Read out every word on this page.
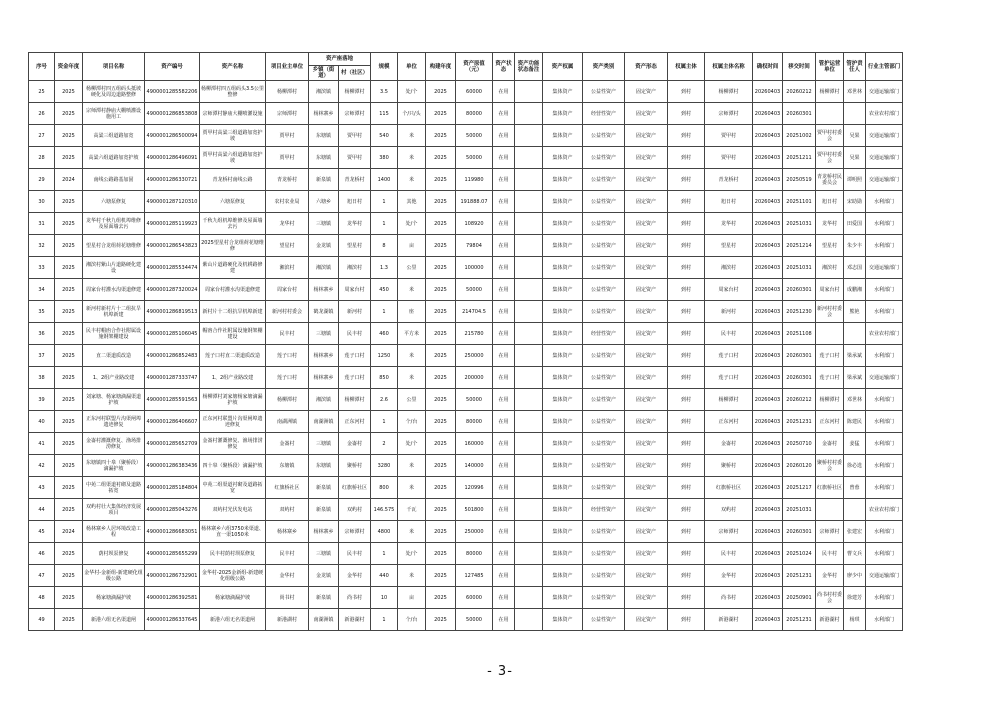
序号	资金年度	项目名称	资产编号	资产名称	项目业主单位	资产座落地		规模	单位	构建年度	资产原值（元）	资产状态	资产功能状态备注	资产权属	资产类别	资产形态	权属主体	权属主体名称	确权时间	移交时间	管护运营单位	管护责任人	行业主管部门
						乡镇（街道）	村（社区）																
25	2025	杨柳潭村四五组码头抵坡硬化及周边道路整修	4900001285582206	杨柳潭村四五组码头3.5公里整修	杨柳潭村	湘滨镇	杨柳潭村	3.5	处/个	2025	60000	在用		集体资产	公益性资产	固定资产	到村	杨柳潭村	20260403	20260212	杨柳潭村	邓世林	交通运输部门
26	2025	宗师潭村静庙大棚喷灌设施用工	4900001286853808	宗师潭村静庙大棚喷灌设施	宗师潭村	杨林寨乡	宗师潭村	115	个/只/头	2025	80000	在用		集体资产	经营性资产	固定资产	到村	宗师潭村	20260403	20260301			农业农村部门
27	2025	高粱三组道路加宽	4900001286500094	贾甲村高粱三组道路加宽护坡	贾甲村	东塘镇	贾甲村	540	米	2025	50000	在用		集体资产	公益性资产	固定资产	到村	贾甲村	20260403	20251002	贾甲村村委会	吴果	交通运输部门
28	2025	高粱六组道路加宽护坡	4900001286496091	贾甲村高粱六组道路加宽护坡	贾甲村	东塘镇	贾甲村	380	米	2025	50000	在用		集体资产	公益性资产	固定资产	到村	贾甲村	20260403	20251211	贾甲村村委会	吴果	交通运输部门
29	2024	南线公路路基加固	4900001286330721	青龙桥村南线公路	青龙桥村	新泉镇	青龙桥村	1400	米	2025	119980	在用		集体资产	公益性资产	固定资产	到村	青龙桥村	20260403	20250519	青龙桥村民委员会	谭明照	交通运输部门
30	2025	六塘泵修复	4900001287120310	六塘泵修复	农村农业局	六塘乡	旭日村	1	其他	2025	191888.07	在用		集体资产	公益性资产	固定资产	到村	旭日村	20260403	20251101	旭日村	宋助勋	水利部门
31	2025	龙华村千秋九组机埠维修及屋面墙去污	4900001285119923	千秋九组机埠维修及屋面墙去污	龙华村	三塘镇	龙华村	1	处/个	2025	108920	在用		集体资产	公益性资产	固定资产	到村	龙华村	20260403	20251031	龙华村	田爱国	水利部门
32	2025	望星村合龙组荷花塘维修	4900001286543823	2025望星村合龙组荷花塘维修	望星村	金龙镇	望星村	8	亩	2025	79804	在用		集体资产	公益性资产	固定资产	到村	望星村	20260403	20251214	望星村	朱少丰	水利部门
33	2025	湘滨村紫山片道路硬化建设	4900001285534474	紫山片道路硬化及机耕路修建	湘滨村	湘滨镇	湘滨村	1.3	公里	2025	100000	在用		集体资产	公益性资产	固定资产	到村	湘滨村	20260403	20251031	湘滨村	邓志国	交通运输部门
34	2025	周家台村灌水沟渠道修建	4900001287320024	周家台村灌水沟渠道修建	周家台村	杨林寨乡	周家台村	450	米	2025	50000	在用		集体资产	公益性资产	固定资产	到村	周家台村	20260403	20260301	周家台村	成鹏湘	水利部门
35	2025	新河村新村片十二组抗旱机埠新建	4900001286819513	新村片十二组抗旱机埠新建	新河村村委会	鹤龙湖镇	新河村	1	座	2025	214704.5	在用		集体资产	公益性资产	固定资产	到村	新河村	20260403	20251230	新河村村委会	熊艳	水利部门
36	2025	民丰村帽凼合作社附属设施钢架棚建设	4900001285106045	帽凼合作社附属设施钢架棚建设	民丰村	三塘镇	民丰村	460	平方米	2025	215780	在用		集体资产	经营性资产	固定资产	到村	民丰村	20260403	20251108			农业农村部门
37	2025	直二渠道质改造	4900001286852483	莲子口村直二渠道质改造	莲子口村	杨林寨乡	莲子口村	1250	米	2025	250000	在用		集体资产	公益性资产	固定资产	到村	莲子口村	20260403	20260301	莲子口村	梁承斌	水利部门
38	2025	1、2组产业路改建	4900001287333747	1、2组产业路改建	莲子口村	杨林寨乡	莲子口村	850	米	2025	200000	在用		集体资产	公益性资产	固定资产	到村	莲子口村	20260403	20260301	莲子口村	梁承斌	交通运输部门
39	2025	刘家塘、杨家塘滴漏渠道护坡	4900001285591563	杨柳潭村刘家塘杨家塘滴漏护坡	杨柳潭村	湘滨镇	杨柳潭村	2.6	公里	2025	50000	在用		集体资产	公益性资产	固定资产	到村	杨柳潭村	20260403	20260212	杨柳潭村	邓世林	水利部门
40	2025	正东河村联盟片沟渠闸埠遗迹修复	4900001286406607	正东河村联盟片沟渠闸埠遗迹修复	南湖洲镇	南湖洲镇	正东河村	1	个/台	2025	80000	在用		集体资产	公益性资产	固定资产	到村	正东河村	20260403	20251231	正东河村	陈建民	水利部门
41	2025	金崙村灌溉修复、渔场排涝修复	4900001285652709	金崙村灌溉修复、渔场排涝修复	金崙村	三塘镇	金崙村	2	处/个	2025	160000	在用		集体资产	公益性资产	固定资产	到村	金崙村	20260403	20250710	金崙村	姜猛	水利部门
42	2025	东塘镇四十皋（聚桥段）滴漏护坡	4900001286383436	四十皋（聚桥段）滴漏护坡	东塘镇	东塘镇	聚桥村	3280	米	2025	140000	在用		集体资产	公益性资产	固定资产	到村	聚桥村	20260403	20260120	聚桥村村委会	徐必选	水利部门
43	2025	中苑二组渠道衬砌及道路拓宽	4900001285184804	中苑二组渠道衬砌及道路拓宽	红旗桥社区	新泉镇	红旗桥社区	800	米	2025	120996	在用		集体资产	公益性资产	固定资产	到村	红旗桥社区	20260403	20251217	红旗桥社区	曾蓉	水利部门
44	2025	双屿村壮大集体经济发展项目	4900001285043276	双屿村光伏发电站	双屿村	新泉镇	双屿村	146.575	千瓦	2025	501800	在用		集体资产	经营性资产	固定资产	到村	双屿村	20260403	20251031			农业农村部门
45	2024	杨林寨乡人居环境改造工程	4900001286683051	杨林寨乡六组3750米渠道、直一渠1050米	杨林寨乡	杨林寨乡	宗师潭村	4800	米	2025	250000	在用		集体资产	公益性资产	固定资产	到村	宗师潭村	20260403	20260301	宗师潭村	张建宏	水利部门
46	2025	荫村坝泵修复	4900001285655299	民丰村荫村坝泵修复	民丰村	三塘镇	民丰村	1	处/个	2025	80000	在用		集体资产	公益性资产	固定资产	到村	民丰村	20260403	20251024	民丰村	曹文兵	水利部门
47	2025	金华村-金新组-新建硬化组级公路	4900001286732901	金华村-2025金新组-新建硬化组级公路	金华村	金龙镇	金华村	440	米	2025	127485	在用		集体资产	公益性资产	固定资产	到村	金华村	20260403	20251231	金华村	廖少中	交通运输部门
48	2025	杨家塘滴漏护坡	4900001286392581	杨家塘滴漏护坡	尚书村	新泉镇	尚书村	10	亩	2025	60000	在用		集体资产	公益性资产	固定资产	到村	尚书村	20260403	20250901	尚书村村委会	徐建芳	水利部门
49	2025	新港六组无名渠道闸	4900001286337645	新港六组无名渠道闸	新港湖村	南湖洲镇	新港湖村	1	个/台	2025	50000	在用		集体资产	公益性资产	固定资产	到村	新港湖村	20260403	20251231	新港湖村	杨琪	水利部门
- 3-
